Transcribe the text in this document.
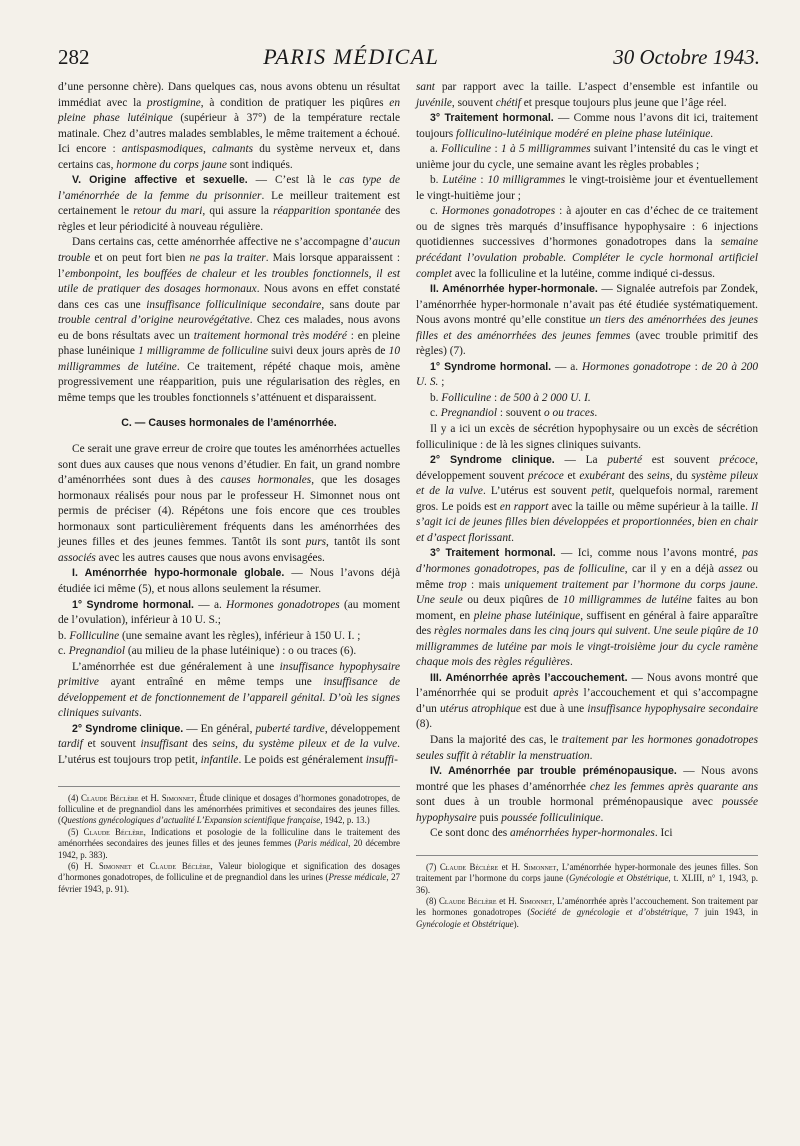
282	PARIS MÉDICAL	30 Octobre 1943.

d’une personne chère). Dans quelques cas, nous avons obtenu un résultat immédiat avec la prostigmine, à condition de pratiquer les piqûres en pleine phase lutéinique (supérieur à 37°) de la température rectale matinale. Chez d’autres malades semblables, le même traitement a échoué. Ici encore : antispasmodiques, calmants du système nerveux et, dans certains cas, hormone du corps jaune sont indiqués.

V. Origine affective et sexuelle. — C’est là le cas type de l’aménorrhée de la femme du prisonnier. Le meilleur traitement est certainement le retour du mari, qui assure la réapparition spontanée des règles et leur périodicité à nouveau régulière.

Dans certains cas, cette aménorrhée affective ne s’accompagne d’aucun trouble et on peut fort bien ne pas la traiter. Mais lorsque apparaissent : l’embonpoint, les bouffées de chaleur et les troubles fonctionnels, il est utile de pratiquer des dosages hormonaux. Nous avons en effet constaté dans ces cas une insuffisance folliculinique secondaire, sans doute par trouble central d’origine neurovégétative. Chez ces malades, nous avons eu de bons résultats avec un traitement hormonal très modéré : en pleine phase lunéinique 1 milligramme de folliculine suivi deux jours après de 10 milligrammes de lutéine. Ce traitement, répété chaque mois, amène progressivement une réapparition, puis une régularisation des règles, en même temps que les troubles fonctionnels s’atténuent et disparaissent.

C. — Causes hormonales de l’aménorrhée.

Ce serait une grave erreur de croire que toutes les aménorrhées actuelles sont dues aux causes que nous venons d’étudier. En fait, un grand nombre d’aménorrhées sont dues à des causes hormonales, que les dosages hormonaux réalisés pour nous par le professeur H. Simonnet nous ont permis de préciser (4). Répétons une fois encore que ces troubles hormonaux sont particulièrement fréquents dans les aménorrhées des jeunes filles et des jeunes femmes. Tantôt ils sont purs, tantôt ils sont associés avec les autres causes que nous avons envisagées.

I. Aménorrhée hypo-hormonale globale. — Nous l’avons déjà étudiée ici même (5), et nous allons seulement la résumer.

1° Syndrome hormonal. — a. Hormones gonadotropes (au moment de l’ovulation), inférieur à 10 U. S.;

b. Folliculine (une semaine avant les règles), inférieur à 150 U. I. ;

c. Pregnandiol (au milieu de la phase lutéinique) : o ou traces (6).

L’aménorrhée est due généralement à une insuffisance hypophysaire primitive ayant entraîné en même temps une insuffisance de développement et de fonctionnement de l’appareil génital. D’où les signes cliniques suivants.

2° Syndrome clinique. — En général, puberté tardive, développement tardif et souvent insuffisant des seins, du système pileux et de la vulve. L’utérus est toujours trop petit, infantile. Le poids est généralement insuffi-

(4) Claude Béclère et H. Simonnet, Étude clinique et dosages d’hormones gonadotropes, de folliculine et de pregnandiol dans les aménorrhées primitives et secondaires des jeunes filles. (Questions gynécologiques d’actualité L’Expansion scientifique française, 1942, p. 13.)

(5) Claude Béclère, Indications et posologie de la folliculine dans le traitement des aménorrhées secondaires des jeunes filles et des jeunes femmes (Paris médical, 20 décembre 1942, p. 383).

(6) H. Simonnet et Claude Béclère, Valeur biologique et signification des dosages d’hormones gonadotropes, de folliculine et de pregnandiol dans les urines (Presse médicale, 27 février 1943, p. 91).

sant par rapport avec la taille. L’aspect d’ensemble est infantile ou juvénile, souvent chétif et presque toujours plus jeune que l’âge réel.

3° Traitement hormonal. — Comme nous l’avons dit ici, traitement toujours folliculino-lutéinique modéré en pleine phase lutéinique.

a. Folliculine : 1 à 5 milligrammes suivant l’intensité du cas le vingt et unième jour du cycle, une semaine avant les règles probables ;

b. Lutéine : 10 milligrammes le vingt-troisième jour et éventuellement le vingt-huitième jour ;

c. Hormones gonadotropes : à ajouter en cas d’échec de ce traitement ou de signes très marqués d’insuffisance hypophysaire : 6 injections quotidiennes successives d’hormones gonadotropes dans la semaine précédant l’ovulation probable. Compléter le cycle hormonal artificiel complet avec la folliculine et la lutéine, comme indiqué ci-dessus.

II. Aménorrhée hyper-hormonale. — Signalée autrefois par Zondek, l’aménorrhée hyper-hormonale n’avait pas été étudiée systématiquement. Nous avons montré qu’elle constitue un tiers des aménorrhées des jeunes filles et des aménorrhées des jeunes femmes (avec trouble primitif des règles) (7).

1° Syndrome hormonal. — a. Hormones gonadotrope : de 20 à 200 U. S. ;

b. Folliculine : de 500 à 2 000 U. I.

c. Pregnandiol : souvent o ou traces.

Il y a ici un excès de sécrétion hypophysaire ou un excès de sécrétion folliculinique : de là les signes cliniques suivants.

2° Syndrome clinique. — La puberté est souvent précoce, développement souvent précoce et exubérant des seins, du système pileux et de la vulve. L’utérus est souvent petit, quelquefois normal, rarement gros. Le poids est en rapport avec la taille ou même supérieur à la taille. Il s’agit ici de jeunes filles bien développées et proportionnées, bien en chair et d’aspect florissant.

3° Traitement hormonal. — Ici, comme nous l’avons montré, pas d’hormones gonadotropes, pas de folliculine, car il y en a déjà assez ou même trop : mais uniquement traitement par l’hormone du corps jaune. Une seule ou deux piqûres de 10 milligrammes de lutéine faites au bon moment, en pleine phase lutéinique, suffisent en général à faire apparaître des règles normales dans les cinq jours qui suivent. Une seule piqûre de 10 milligrammes de lutéine par mois le vingt-troisième jour du cycle ramène chaque mois des règles régulières.

III. Aménorrhée après l’accouchement. — Nous avons montré que l’aménorrhée qui se produit après l’accouchement et qui s’accompagne d’un utérus atrophique est due à une insuffisance hypophysaire secondaire (8).

Dans la majorité des cas, le traitement par les hormones gonadotropes seules suffit à rétablir la menstruation.

IV. Aménorrhée par trouble préménopausique. — Nous avons montré que les phases d’aménorrhée chez les femmes après quarante ans sont dues à un trouble hormonal préménopausique avec poussée hypophysaire puis poussée folliculinique.

Ce sont donc des aménorrhées hyper-hormonales. Ici

(7) Claude Béclère et H. Simonnet, L’aménorrhée hyper-hormonale des jeunes filles. Son traitement par l’hormone du corps jaune (Gynécologie et Obstétrique, t. XLIII, n° 1, 1943, p. 36).

(8) Claude Béclère et H. Simonnet, L’aménorrhée après l’accouchement. Son traitement par les hormones gonadotropes (Société de gynécologie et d’obstétrique, 7 juin 1943, in Gynécologie et Obstétrique).
